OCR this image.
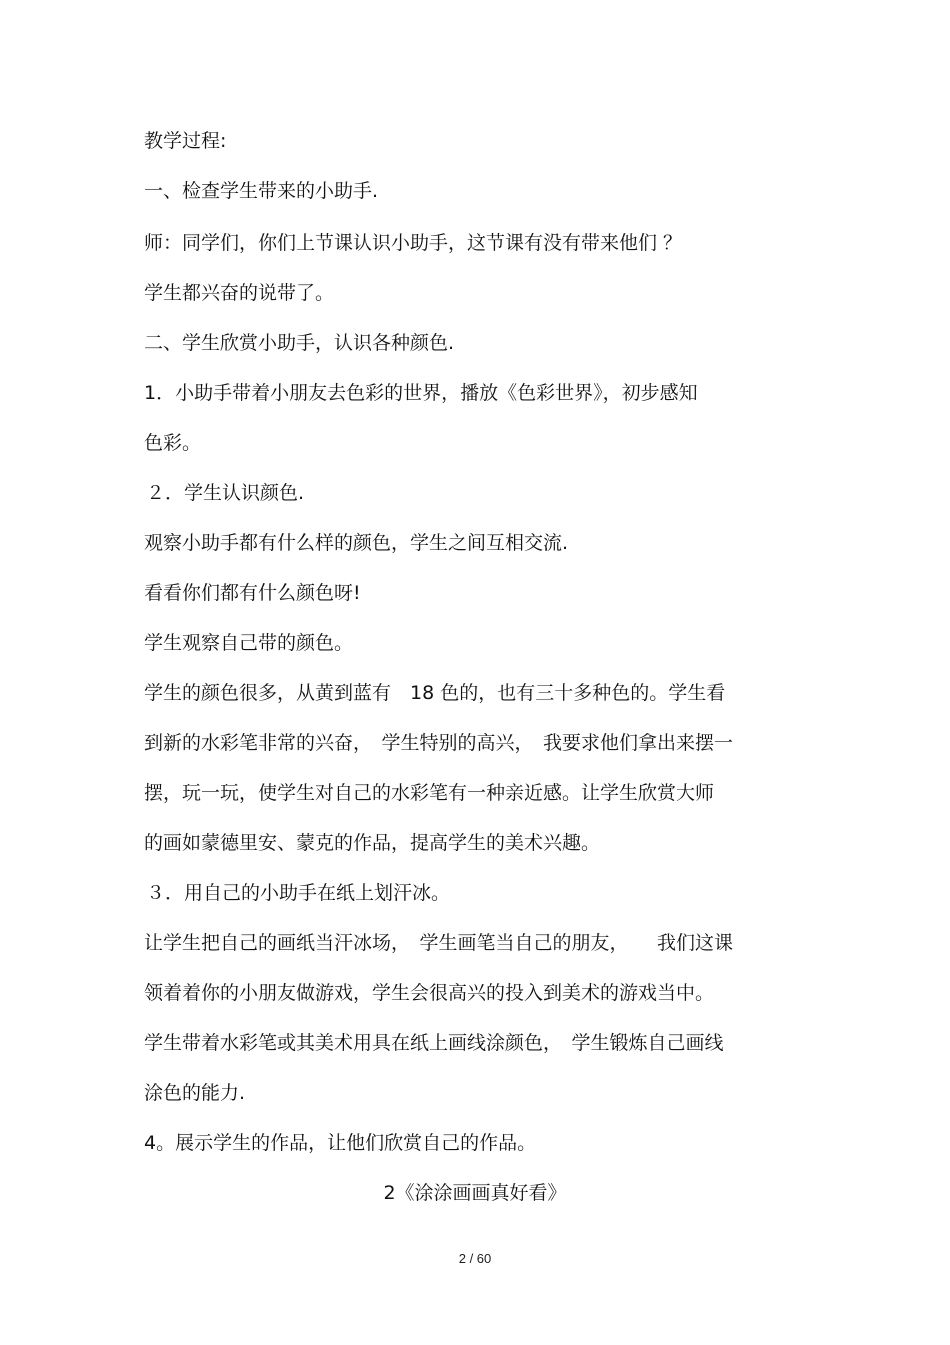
教学过程:

一、检查学生带来的小助手.

师：同学们，你们上节课认识小助手，这节课有没有带来他们 ？

学生都兴奋的说带了。

二、学生欣赏小助手，认识各种颜色.

1．小助手带着小朋友去色彩的世界，播放《色彩世界》，初步感知

色彩。

２．学生认识颜色.

观察小助手都有什么样的颜色，学生之间互相交流.

看看你们都有什么颜色呀!

学生观察自己带的颜色。

学生的颜色很多，从黄到蓝有　18 色的，也有三十多种色的。学生看

到新的水彩笔非常的兴奋，　学生特别的高兴，　我要求他们拿出来摆一

摆，玩一玩，使学生对自己的水彩笔有一种亲近感。让学生欣赏大师

的画如蒙德里安、蒙克的作品，提高学生的美术兴趣。

３．用自己的小助手在纸上划汗冰。

让学生把自己的画纸当汗冰场，　学生画笔当自己的朋友，　　我们这课

领着着你的小朋友做游戏，学生会很高兴的投入到美术的游戏当中。

学生带着水彩笔或其美术用具在纸上画线涂颜色，　学生锻炼自己画线

涂色的能力.

4。展示学生的作品，让他们欣赏自己的作品。

2《涂涂画画真好看》
2 / 60
